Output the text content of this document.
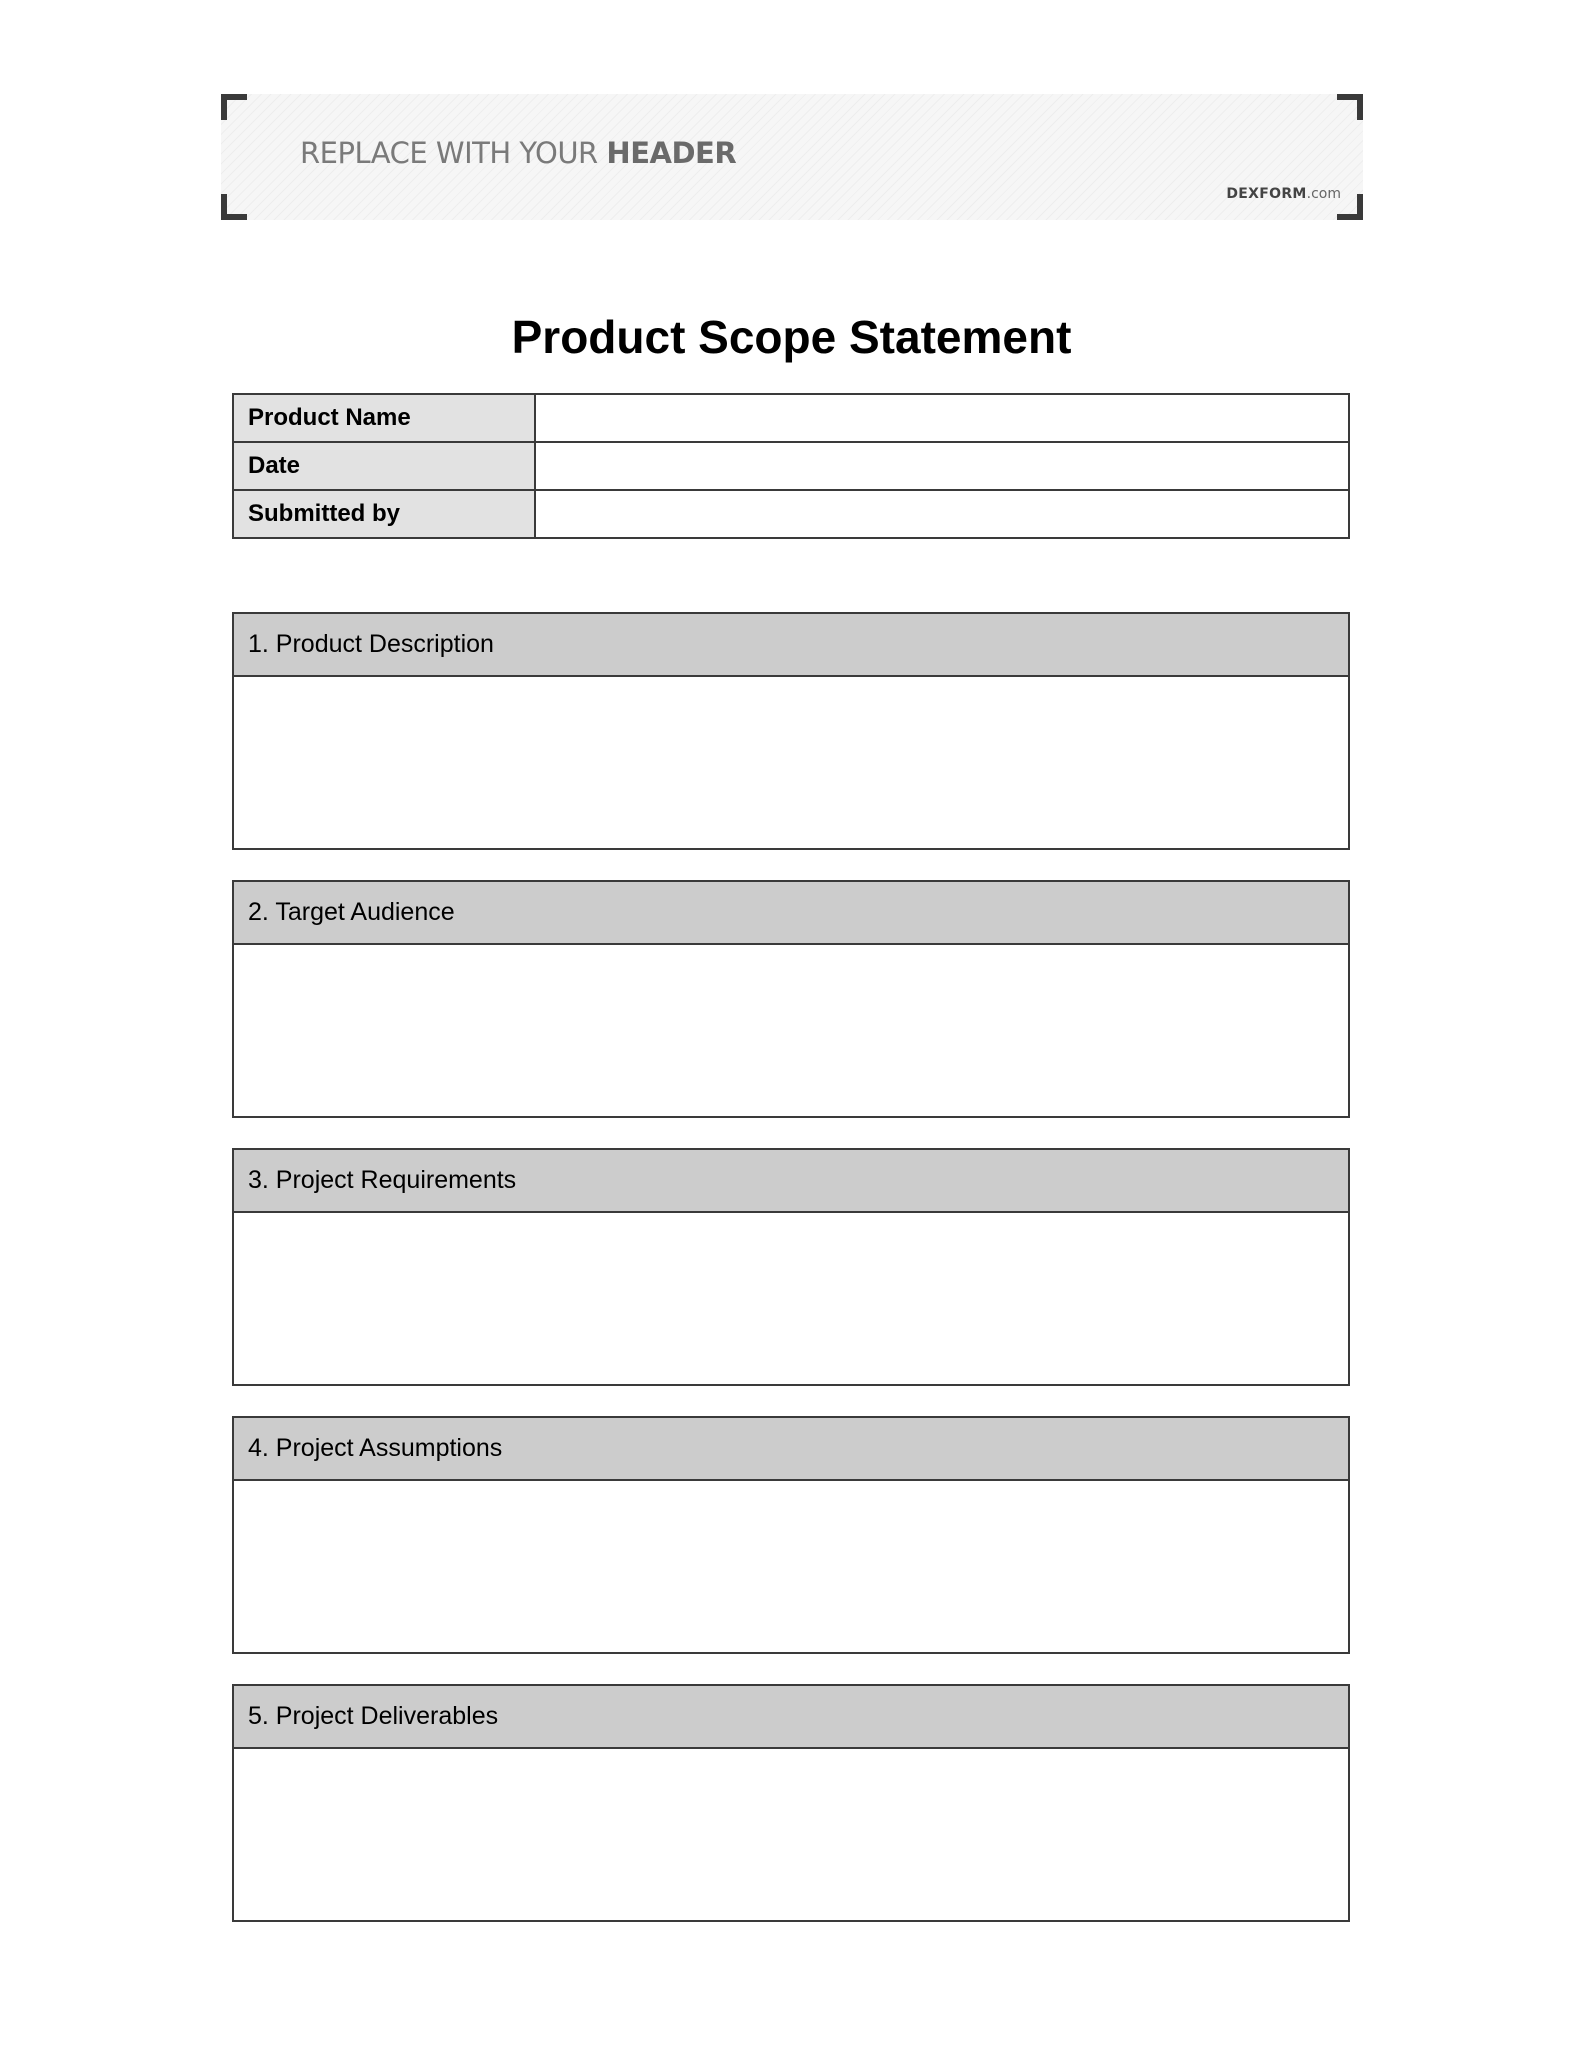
REPLACE WITH YOUR HEADER
DEXFORM.com
Product Scope Statement
Product Name	
Date	
Submitted by	
1. Product Description
2. Target Audience
3. Project Requirements
4. Project Assumptions
5. Project Deliverables
